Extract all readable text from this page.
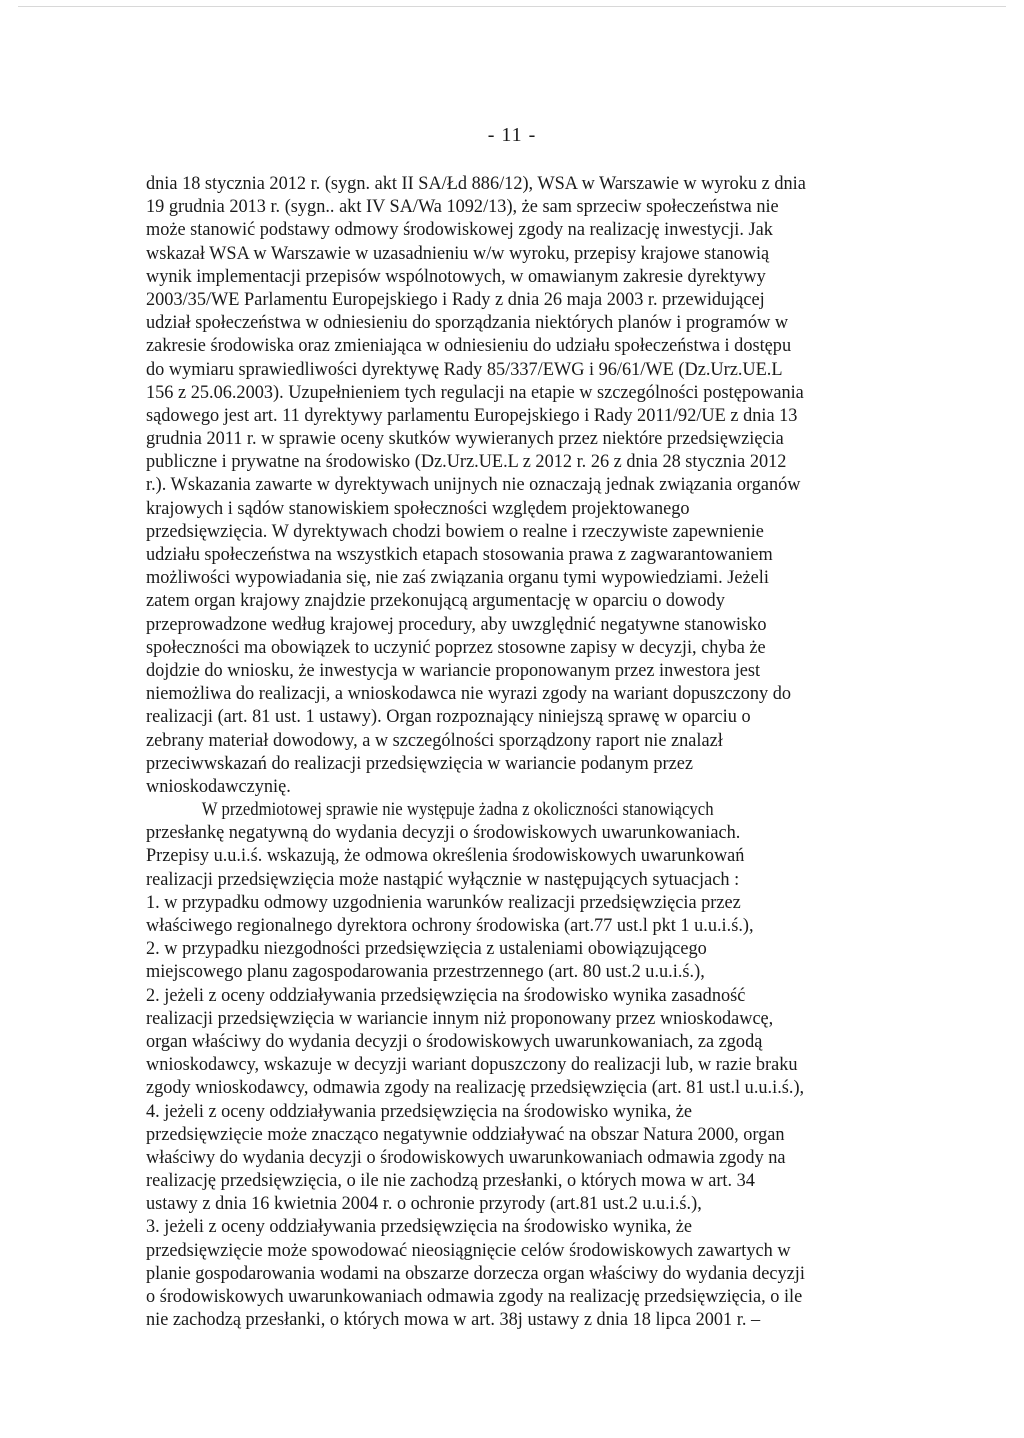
- 11 -
dnia 18 stycznia 2012 r. (sygn. akt II SA/Łd 886/12), WSA w Warszawie w wyroku z dnia
19 grudnia 2013 r. (sygn.. akt IV SA/Wa 1092/13), że sam sprzeciw społeczeństwa nie
może stanowić podstawy odmowy środowiskowej zgody na realizację inwestycji. Jak
wskazał WSA w Warszawie w uzasadnieniu w/w wyroku, przepisy krajowe stanowią
wynik implementacji przepisów wspólnotowych, w omawianym zakresie dyrektywy
2003/35/WE Parlamentu Europejskiego i Rady z dnia 26 maja 2003 r. przewidującej
udział społeczeństwa w odniesieniu do sporządzania niektórych planów i programów w
zakresie środowiska oraz zmieniająca w odniesieniu do udziału społeczeństwa i dostępu
do wymiaru sprawiedliwości dyrektywę Rady 85/337/EWG i 96/61/WE (Dz.Urz.UE.L
156 z 25.06.2003). Uzupełnieniem tych regulacji na etapie w szczególności postępowania
sądowego jest art. 11 dyrektywy parlamentu Europejskiego i Rady 2011/92/UE z dnia 13
grudnia 2011 r. w sprawie oceny skutków wywieranych przez niektóre przedsięwzięcia
publiczne i prywatne na środowisko (Dz.Urz.UE.L z 2012 r. 26 z dnia 28 stycznia 2012
r.). Wskazania zawarte w dyrektywach unijnych nie oznaczają jednak związania organów
krajowych i sądów stanowiskiem społeczności względem projektowanego
przedsięwzięcia. W dyrektywach chodzi bowiem o realne i rzeczywiste zapewnienie
udziału społeczeństwa na wszystkich etapach stosowania prawa z zagwarantowaniem
możliwości wypowiadania się, nie zaś związania organu tymi wypowiedziami. Jeżeli
zatem organ krajowy znajdzie przekonującą argumentację w oparciu o dowody
przeprowadzone według krajowej procedury, aby uwzględnić negatywne stanowisko
społeczności ma obowiązek to uczynić poprzez stosowne zapisy w decyzji, chyba że
dojdzie do wniosku, że inwestycja w wariancie proponowanym przez inwestora jest
niemożliwa do realizacji, a wnioskodawca nie wyrazi zgody na wariant dopuszczony do
realizacji (art. 81 ust. 1 ustawy). Organ rozpoznający niniejszą sprawę w oparciu o
zebrany materiał dowodowy, a w szczególności sporządzony raport nie znalazł
przeciwwskazań do realizacji przedsięwzięcia w wariancie podanym przez
wnioskodawczynię.
W przedmiotowej sprawie nie występuje żadna z okoliczności stanowiących
przesłankę negatywną do wydania decyzji o środowiskowych uwarunkowaniach.
Przepisy u.u.i.ś. wskazują, że odmowa określenia środowiskowych uwarunkowań
realizacji przedsięwzięcia może nastąpić wyłącznie w następujących sytuacjach :
1. w przypadku odmowy uzgodnienia warunków realizacji przedsięwzięcia przez
właściwego regionalnego dyrektora ochrony środowiska (art.77 ust.l pkt 1 u.u.i.ś.),
2. w przypadku niezgodności przedsięwzięcia z ustaleniami obowiązującego
miejscowego planu zagospodarowania przestrzennego (art. 80 ust.2 u.u.i.ś.),
2. jeżeli z oceny oddziaływania przedsięwzięcia na środowisko wynika zasadność
realizacji przedsięwzięcia w wariancie innym niż proponowany przez wnioskodawcę,
organ właściwy do wydania decyzji o środowiskowych uwarunkowaniach, za zgodą
wnioskodawcy, wskazuje w decyzji wariant dopuszczony do realizacji lub, w razie braku
zgody wnioskodawcy, odmawia zgody na realizację przedsięwzięcia (art. 81 ust.l u.u.i.ś.),
4. jeżeli z oceny oddziaływania przedsięwzięcia na środowisko wynika, że
przedsięwzięcie może znacząco negatywnie oddziaływać na obszar Natura 2000, organ
właściwy do wydania decyzji o środowiskowych uwarunkowaniach odmawia zgody na
realizację przedsięwzięcia, o ile nie zachodzą przesłanki, o których mowa w art. 34
ustawy z dnia 16 kwietnia 2004 r. o ochronie przyrody (art.81 ust.2 u.u.i.ś.),
3. jeżeli z oceny oddziaływania przedsięwzięcia na środowisko wynika, że
przedsięwzięcie może spowodować nieosiągnięcie celów środowiskowych zawartych w
planie gospodarowania wodami na obszarze dorzecza organ właściwy do wydania decyzji
o środowiskowych uwarunkowaniach odmawia zgody na realizację przedsięwzięcia, o ile
nie zachodzą przesłanki, o których mowa w art. 38j ustawy z dnia 18 lipca 2001 r. –
